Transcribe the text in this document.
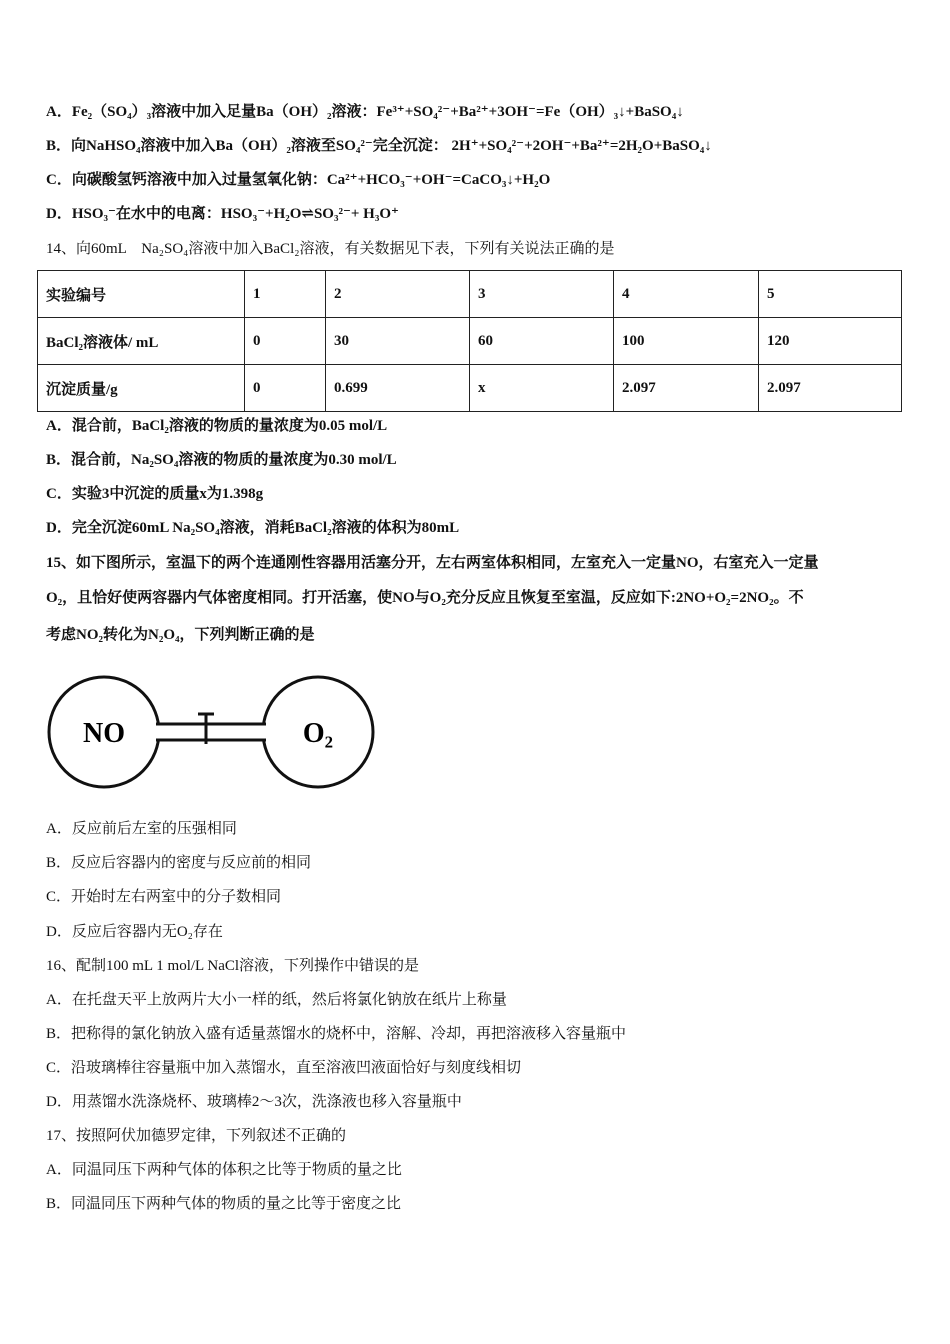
A．Fe₂（SO₄）₃溶液中加入足量Ba（OH）₂溶液：Fe³⁺+SO₄²⁻+Ba²⁺+3OH⁻=Fe（OH）₃↓+BaSO₄↓
B．向NaHSO₄溶液中加入Ba（OH）₂溶液至SO₄²⁻完全沉淀： 2H⁺+SO₄²⁻+2OH⁻+Ba²⁺=2H₂O+BaSO₄↓
C．向碳酸氢钙溶液中加入过量氢氧化钠：Ca²⁺+HCO₃⁻+OH⁻=CaCO₃↓+H₂O
D．HSO₃⁻在水中的电离：HSO₃⁻+H₂O⇌SO₃²⁻+ H₃O⁺
14、向60mL　Na₂SO₄溶液中加入BaCl₂溶液，有关数据见下表，下列有关说法正确的是
实验编号	1	2	3	4	5
BaCl₂溶液体/ mL	0	30	60	100	120
沉淀质量/g	0	0.699	x	2.097	2.097
A．混合前，BaCl₂溶液的物质的量浓度为0.05 mol/L
B．混合前，Na₂SO₄溶液的物质的量浓度为0.30 mol/L
C．实验3中沉淀的质量x为1.398g
D．完全沉淀60mL Na₂SO₄溶液，消耗BaCl₂溶液的体积为80mL
15、如下图所示，室温下的两个连通刚性容器用活塞分开，左右两室体积相同，左室充入一定量NO，右室充入一定量
O₂，且恰好使两容器内气体密度相同。打开活塞，使NO与O₂充分反应且恢复至室温，反应如下:2NO+O₂=2NO₂。不
考虑NO₂转化为N₂O₄，下列判断正确的是
NO	O₂
A．反应前后左室的压强相同
B．反应后容器内的密度与反应前的相同
C．开始时左右两室中的分子数相同
D．反应后容器内无O₂存在
16、配制100 mL 1 mol/L NaCl溶液，下列操作中错误的是
A．在托盘天平上放两片大小一样的纸，然后将氯化钠放在纸片上称量
B．把称得的氯化钠放入盛有适量蒸馏水的烧杯中，溶解、冷却，再把溶液移入容量瓶中
C．沿玻璃棒往容量瓶中加入蒸馏水，直至溶液凹液面恰好与刻度线相切
D．用蒸馏水洗涤烧杯、玻璃棒2～3次，洗涤液也移入容量瓶中
17、按照阿伏加德罗定律，下列叙述不正确的
A．同温同压下两种气体的体积之比等于物质的量之比
B．同温同压下两种气体的物质的量之比等于密度之比
